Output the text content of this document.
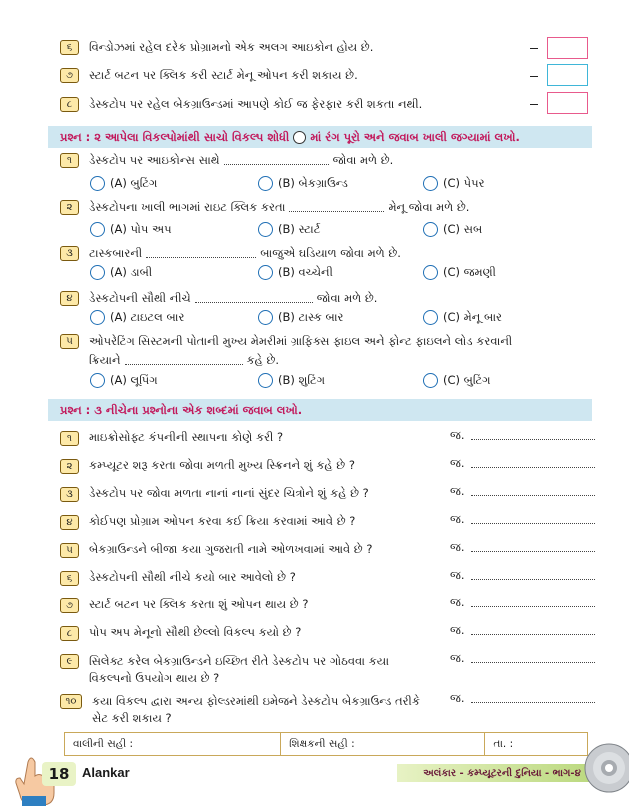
૬	વિન્ડોઝમાં રહેલ દરેક પ્રોગ્રામનો એક અલગ આઇકોન હોય છે.
૭	સ્ટાર્ટ બટન પર ક્લિક કરી સ્ટાર્ટ મેનૂ ઓપન કરી શકાય છે.
૮	ડેસ્કટોપ પર રહેલ બેકગ્રાઉન્ડમાં આપણે કોઈ જ ફેરફાર કરી શકતા નથી.
પ્રશ્ન : ૨ આપેલા વિકલ્પોમાંથી સાચો વિકલ્પ શોધી માં રંગ પૂરો અને જવાબ ખાલી જગ્યામાં લખો.
૧	ડેસ્કટોપ પર આઇકોન્સ સાથે	જોવા મળે છે.
(A) બુટિંગ	(B) બેકગ્રાઉન્ડ	(C) પેપર
૨	ડેસ્કટોપના ખાલી ભાગમાં રાઇટ ક્લિક કરતા	મેનૂ જોવા મળે છે.
(A) પોપ અપ	(B) સ્ટાર્ટ	(C) સબ
૩	ટાસ્કબારની	બાજુએ ઘડિયાળ જોવા મળે છે.
(A) ડાબી	(B) વચ્ચેની	(C) જમણી
૪	ડેસ્કટોપની સૌથી નીચે	જોવા મળે છે.
(A) ટાઇટલ બાર	(B) ટાસ્ક બાર	(C) મેનૂ બાર
૫	ઓપરેટિંગ સિસ્ટમની પોતાની મુખ્ય મેમરીમાં ગ્રાફિક્સ ફાઇલ અને ફોન્ટ ફાઇલને લોડ કરવાની
ક્રિયાને	કહે છે.
(A) લૂપિંગ	(B) શુટિંગ	(C) બુટિંગ
પ્રશ્ન : ૩ નીચેના પ્રશ્નોના એક શબ્દમાં જવાબ લખો.
૧	માઇક્રોસોફ્ટ કંપનીની સ્થાપના કોણે કરી ?	જ.
૨	કમ્પ્યૂટર શરૂ કરતા જોવા મળતી મુખ્ય સ્ક્રિનને શું કહે છે ?	જ.
૩	ડેસ્કટોપ પર જોવા મળતા નાનાં નાનાં સુંદર ચિત્રોને શું કહે છે ?	જ.
૪	કોઈપણ પ્રોગ્રામ ઓપન કરવા કઈ ક્રિયા કરવામાં આવે છે ?	જ.
૫	બેકગ્રાઉન્ડને બીજા કયા ગુજરાતી નામે ઓળખવામાં આવે છે ?	જ.
૬	ડેસ્કટોપની સૌથી નીચે કયો બાર આવેલો છે ?	જ.
૭	સ્ટાર્ટ બટન પર ક્લિક કરતા શું ઓપન થાય છે ?	જ.
૮	પોપ અપ મેનૂનો સૌથી છેલ્લો વિકલ્પ કયો છે ?	જ.
૯	સિલેક્ટ કરેલ બેકગ્રાઉન્ડને ઇચ્છિત રીતે ડેસ્કટોપ પર ગોઠવવા કયા
વિકલ્પનો ઉપયોગ થાય છે ?
જ.
૧૦	કયા વિકલ્પ દ્વારા અન્ય ફોલ્ડરમાંથી ઇમેજને ડેસ્કટોપ બેકગ્રાઉન્ડ તરીકે
સેટ કરી શકાય ?
જ.
વાલીની સહી :	શિક્ષકની સહી :	તા. :
18 Alankar	અલંકાર - કમ્પ્યૂટરની દુનિયા - ભાગ-૪
